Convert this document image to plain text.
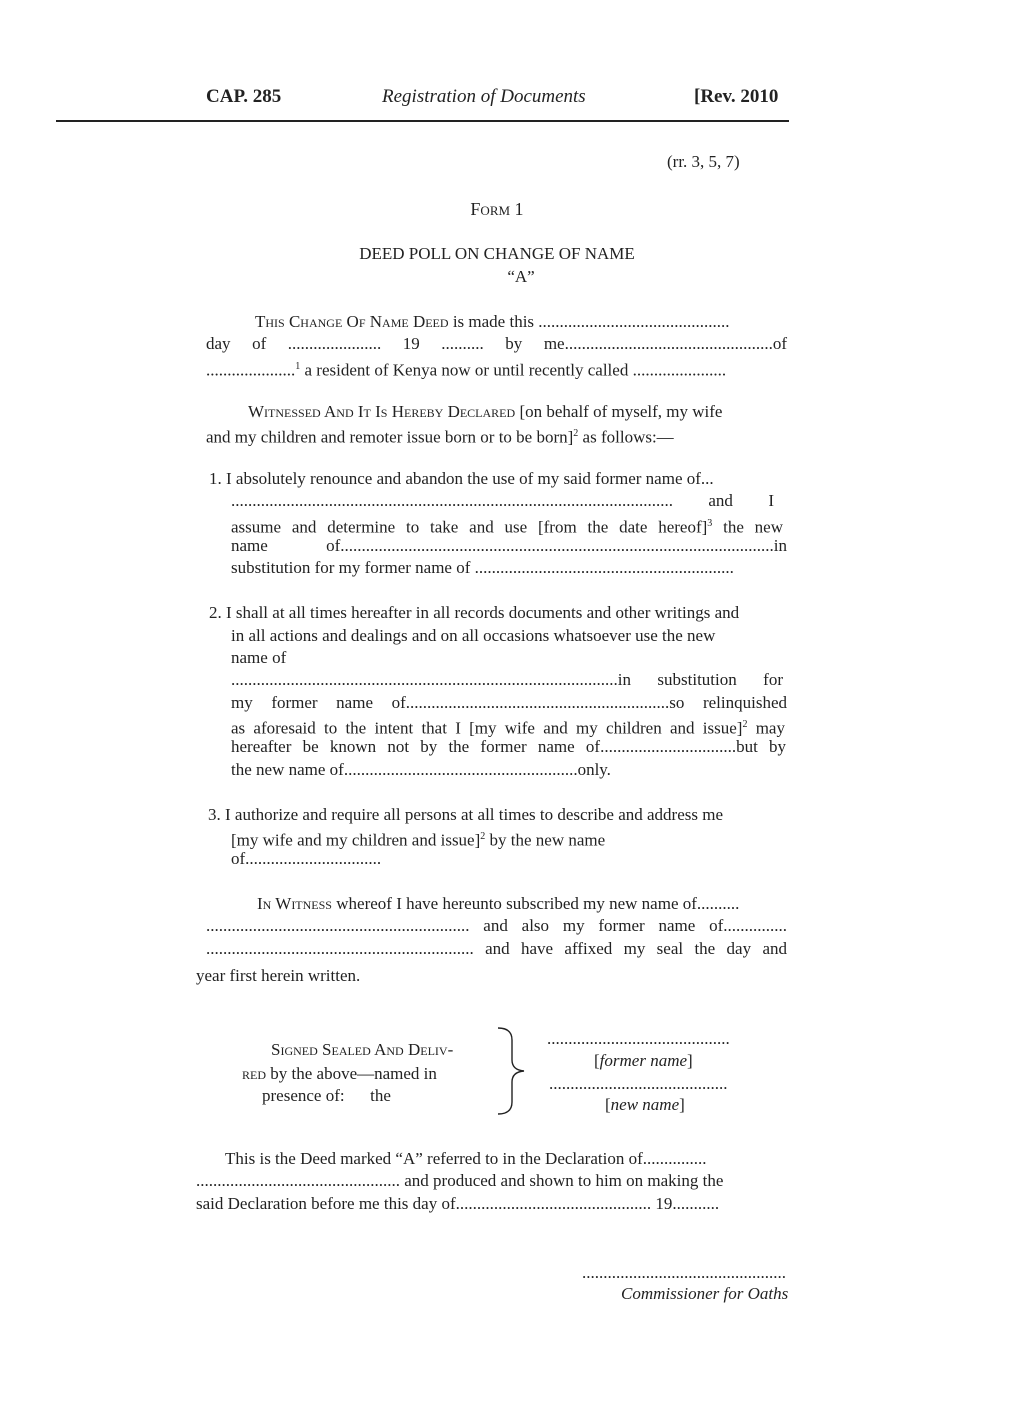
CAP. 285	Registration of Documents	[Rev. 2010
(rr. 3, 5, 7)
Form 1
DEED POLL ON CHANGE OF NAME
“A”
This Change Of Name Deed is made this .............................................
day of ...................... 19 .......... by me.................................................of
.....................$^1$ a resident of Kenya now or until recently called ......................
Witnessed And It Is Hereby Declared [on behalf of myself, my wife
and my children and remoter issue born or to be born]$^2$ as follows:—
1. I absolutely renounce and abandon the use of my said former name of...
........................................................................................................ and I
assume and determine to take and use [from the date hereof]$^3$ the new
name of......................................................................................................in
substitution for my former name of .............................................................
2. I shall at all times hereafter in all records documents and other writings and
in all actions and dealings and on all occasions whatsoever use the new
name of
...........................................................................................in substitution for
my former name of..............................................................so relinquished
as aforesaid to the intent that I [my wife and my children and issue]$^2$ may
hereafter be known not by the former name of................................but by
the new name of.......................................................only.
3. I authorize and require all persons at all times to describe and address me
[my wife and my children and issue]$^2$ by the new name
of................................
In Witness whereof I have hereunto subscribed my new name of..........
.............................................................. and also my former name of...............
............................................................... and have affixed my seal the day and
year first herein written.
Signed Sealed And Deliv-
red by the above—named in
presence of:      the
...........................................
[former name]
..........................................
[new name]
This is the Deed marked “A” referred to in the Declaration of...............
................................................ and produced and shown to him on making the
said Declaration before me this day of.............................................. 19...........
................................................
Commissioner for Oaths
